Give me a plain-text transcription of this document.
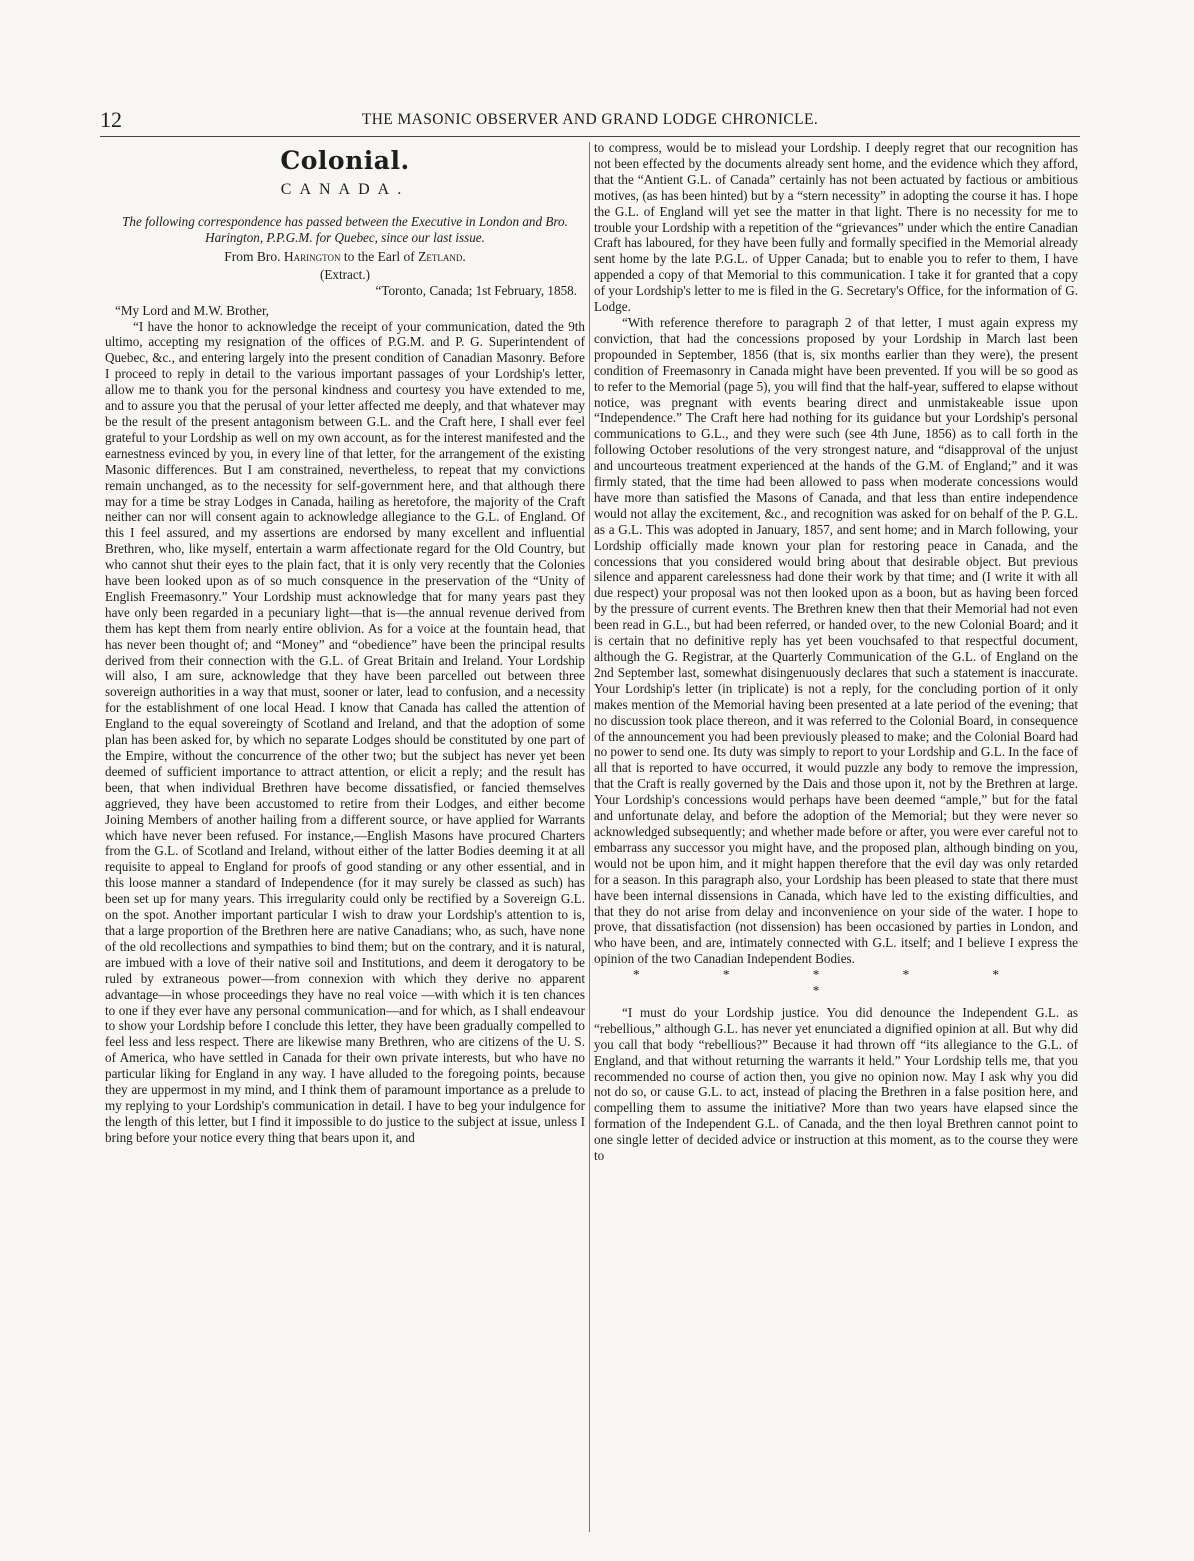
12	THE MASONIC OBSERVER AND GRAND LODGE CHRONICLE.
Colonial.
CANADA.

The following correspondence has passed between the Executive in London and Bro. Harington, P.P.G.M. for Quebec, since our last issue.

From Bro. Harington to the Earl of Zetland.

(Extract.)

“Toronto, Canada; 1st February, 1858.

“My Lord and M.W. Brother,

“I have the honor to acknowledge the receipt of your communication, dated the 9th ultimo, accepting my resignation of the offices of P.G.M. and P. G. Superintendent of Quebec, &c., and entering largely into the present condition of Canadian Masonry. Before I proceed to reply in detail to the various important passages of your Lordship's letter, allow me to thank you for the personal kindness and courtesy you have extended to me, and to assure you that the perusal of your letter affected me deeply, and that whatever may be the result of the present antagonism between G.L. and the Craft here, I shall ever feel grateful to your Lordship as well on my own account, as for the interest manifested and the earnestness evinced by you, in every line of that letter, for the arrangement of the existing Masonic differences. But I am constrained, nevertheless, to repeat that my convictions remain unchanged, as to the necessity for self-government here, and that although there may for a time be stray Lodges in Canada, hailing as heretofore, the majority of the Craft neither can nor will consent again to acknowledge allegiance to the G.L. of England. Of this I feel assured, and my assertions are endorsed by many excellent and influential Brethren, who, like myself, entertain a warm affectionate regard for the Old Country, but who cannot shut their eyes to the plain fact, that it is only very recently that the Colonies have been looked upon as of so much consquence in the preservation of the “Unity of English Freemasonry.” Your Lordship must acknowledge that for many years past they have only been regarded in a pecuniary light—that is—the annual revenue derived from them has kept them from nearly entire oblivion. As for a voice at the fountain head, that has never been thought of; and “Money” and “obedience” have been the principal results derived from their connection with the G.L. of Great Britain and Ireland. Your Lordship will also, I am sure, acknowledge that they have been parcelled out between three sovereign authorities in a way that must, sooner or later, lead to confusion, and a necessity for the establishment of one local Head. I know that Canada has called the attention of England to the equal sovereingty of Scotland and Ireland, and that the adoption of some plan has been asked for, by which no separate Lodges should be constituted by one part of the Empire, without the concurrence of the other two; but the subject has never yet been deemed of sufficient importance to attract attention, or elicit a reply; and the result has been, that when individual Brethren have become dissatisfied, or fancied themselves aggrieved, they have been accustomed to retire from their Lodges, and either become Joining Members of another hailing from a different source, or have applied for Warrants which have never been refused. For instance,—English Masons have procured Charters from the G.L. of Scotland and Ireland, without either of the latter Bodies deeming it at all requisite to appeal to England for proofs of good standing or any other essential, and in this loose manner a standard of Independence (for it may surely be classed as such) has been set up for many years. This irregularity could only be rectified by a Sovereign G.L. on the spot. Another important particular I wish to draw your Lordship's attention to is, that a large proportion of the Brethren here are native Canadians; who, as such, have none of the old recollections and sympathies to bind them; but on the contrary, and it is natural, are imbued with a love of their native soil and Institutions, and deem it derogatory to be ruled by extraneous power—from connexion with which they derive no apparent advantage—in whose proceedings they have no real voice —with which it is ten chances to one if they ever have any personal communication—and for which, as I shall endeavour to show your Lordship before I conclude this letter, they have been gradually compelled to feel less and less respect. There are likewise many Brethren, who are citizens of the U. S. of America, who have settled in Canada for their own private interests, but who have no particular liking for England in any way. I have alluded to the foregoing points, because they are uppermost in my mind, and I think them of paramount importance as a prelude to my replying to your Lordship's communication in detail. I have to beg your indulgence for the length of this letter, but I find it impossible to do justice to the subject at issue, unless I bring before your notice every thing that bears upon it, and

to compress, would be to mislead your Lordship. I deeply regret that our recognition has not been effected by the documents already sent home, and the evidence which they afford, that the “Antient G.L. of Canada” certainly has not been actuated by factious or ambitious motives, (as has been hinted) but by a “stern necessity” in adopting the course it has. I hope the G.L. of England will yet see the matter in that light. There is no necessity for me to trouble your Lordship with a repetition of the “grievances” under which the entire Canadian Craft has laboured, for they have been fully and formally specified in the Memorial already sent home by the late P.G.L. of Upper Canada; but to enable you to refer to them, I have appended a copy of that Memorial to this communication. I take it for granted that a copy of your Lordship's letter to me is filed in the G. Secretary's Office, for the information of G. Lodge.

“With reference therefore to paragraph 2 of that letter, I must again express my conviction, that had the concessions proposed by your Lordship in March last been propounded in September, 1856 (that is, six months earlier than they were), the present condition of Freemasonry in Canada might have been prevented. If you will be so good as to refer to the Memorial (page 5), you will find that the half-year, suffered to elapse without notice, was pregnant with events bearing direct and unmistakeable issue upon “Independence.” The Craft here had nothing for its guidance but your Lordship's personal communications to G.L., and they were such (see 4th June, 1856) as to call forth in the following October resolutions of the very strongest nature, and “disapproval of the unjust and uncourteous treatment experienced at the hands of the G.M. of England;” and it was firmly stated, that the time had been allowed to pass when moderate concessions would have more than satisfied the Masons of Canada, and that less than entire independence would not allay the excitement, &c., and recognition was asked for on behalf of the P. G.L. as a G.L. This was adopted in January, 1857, and sent home; and in March following, your Lordship officially made known your plan for restoring peace in Canada, and the concessions that you considered would bring about that desirable object. But previous silence and apparent carelessness had done their work by that time; and (I write it with all due respect) your proposal was not then looked upon as a boon, but as having been forced by the pressure of current events. The Brethren knew then that their Memorial had not even been read in G.L., but had been referred, or handed over, to the new Colonial Board; and it is certain that no definitive reply has yet been vouchsafed to that respectful document, although the G. Registrar, at the Quarterly Communication of the G.L. of England on the 2nd September last, somewhat disingenuously declares that such a statement is inaccurate. Your Lordship's letter (in triplicate) is not a reply, for the concluding portion of it only makes mention of the Memorial having been presented at a late period of the evening; that no discussion took place thereon, and it was referred to the Colonial Board, in consequence of the announcement you had been previously pleased to make; and the Colonial Board had no power to send one. Its duty was simply to report to your Lordship and G.L. In the face of all that is reported to have occurred, it would puzzle any body to remove the impression, that the Craft is really governed by the Dais and those upon it, not by the Brethren at large. Your Lordship's concessions would perhaps have been deemed “ample,” but for the fatal and unfortunate delay, and before the adoption of the Memorial; but they were never so acknowledged subsequently; and whether made before or after, you were ever careful not to embarrass any successor you might have, and the proposed plan, although binding on you, would not be upon him, and it might happen therefore that the evil day was only retarded for a season. In this paragraph also, your Lordship has been pleased to state that there must have been internal dissensions in Canada, which have led to the existing difficulties, and that they do not arise from delay and inconvenience on your side of the water. I hope to prove, that dissatisfaction (not dissension) has been occasioned by parties in London, and who have been, and are, intimately connected with G.L. itself; and I believe I express the opinion of the two Canadian Independent Bodies.

* * * * * *

“I must do your Lordship justice. You did denounce the Independent G.L. as “rebellious,” although G.L. has never yet enunciated a dignified opinion at all. But why did you call that body “rebellious?” Because it had thrown off “its allegiance to the G.L. of England, and that without returning the warrants it held.” Your Lordship tells me, that you recommended no course of action then, you give no opinion now. May I ask why you did not do so, or cause G.L. to act, instead of placing the Brethren in a false position here, and compelling them to assume the initiative? More than two years have elapsed since the formation of the Independent G.L. of Canada, and the then loyal Brethren cannot point to one single letter of decided advice or instruction at this moment, as to the course they were to
